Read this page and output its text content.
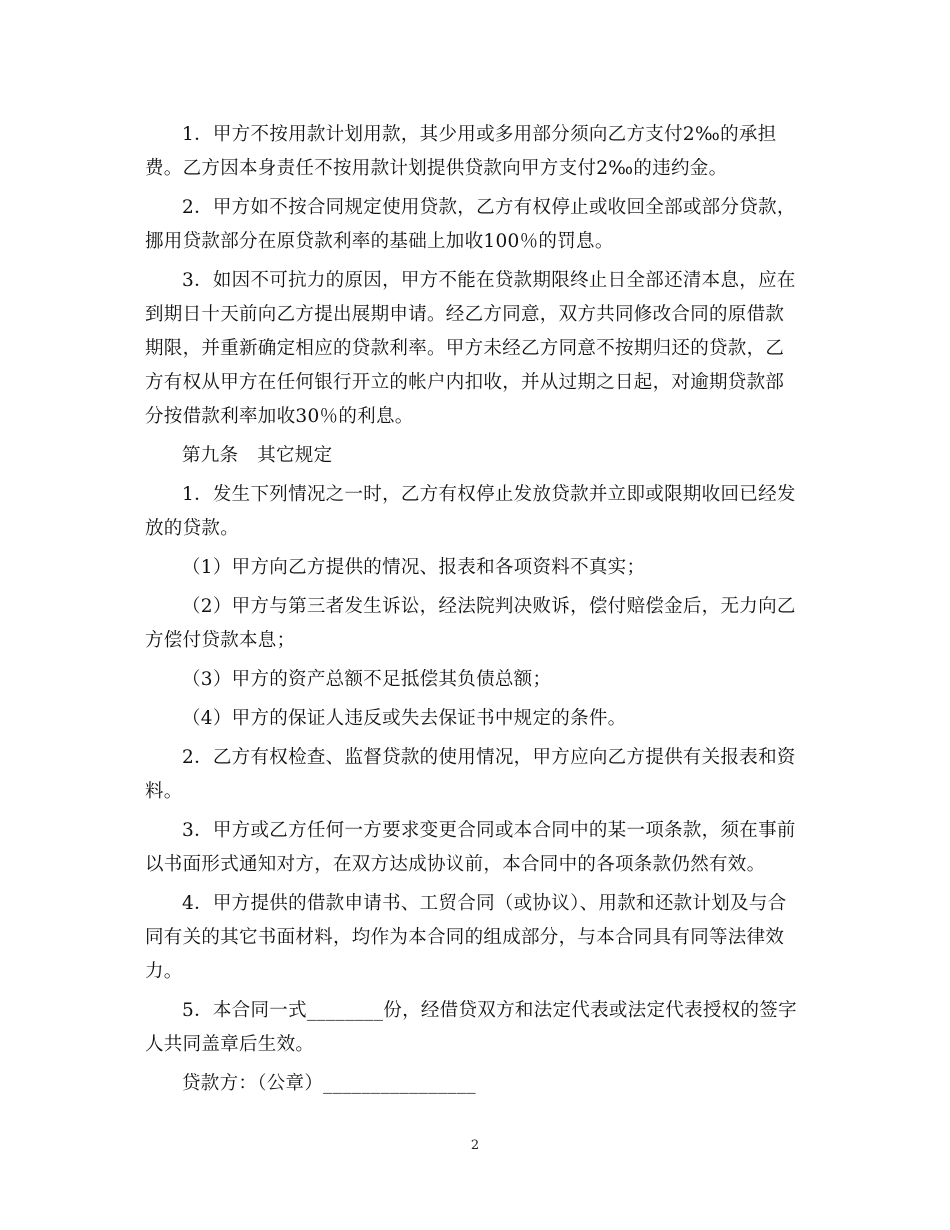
1．甲方不按用款计划用款，其少用或多用部分须向乙方支付2‰的承担费。乙方因本身责任不按用款计划提供贷款向甲方支付2‰的违约金。

2．甲方如不按合同规定使用贷款，乙方有权停止或收回全部或部分贷款，挪用贷款部分在原贷款利率的基础上加收100％的罚息。

3．如因不可抗力的原因，甲方不能在贷款期限终止日全部还清本息，应在到期日十天前向乙方提出展期申请。经乙方同意，双方共同修改合同的原借款期限，并重新确定相应的贷款利率。甲方未经乙方同意不按期归还的贷款，乙方有权从甲方在任何银行开立的帐户内扣收，并从过期之日起，对逾期贷款部分按借款利率加收30％的利息。

第九条　其它规定

1．发生下列情况之一时，乙方有权停止发放贷款并立即或限期收回已经发放的贷款。

（1）甲方向乙方提供的情况、报表和各项资料不真实；

（2）甲方与第三者发生诉讼，经法院判决败诉，偿付赔偿金后，无力向乙方偿付贷款本息；

（3）甲方的资产总额不足抵偿其负债总额；

（4）甲方的保证人违反或失去保证书中规定的条件。

2．乙方有权检查、监督贷款的使用情况，甲方应向乙方提供有关报表和资料。

3．甲方或乙方任何一方要求变更合同或本合同中的某一项条款，须在事前以书面形式通知对方，在双方达成协议前，本合同中的各项条款仍然有效。

4．甲方提供的借款申请书、工贸合同（或协议）、用款和还款计划及与合同有关的其它书面材料，均作为本合同的组成部分，与本合同具有同等法律效力。

5．本合同一式________份，经借贷双方和法定代表或法定代表授权的签字人共同盖章后生效。

贷款方：（公章）________________

2
